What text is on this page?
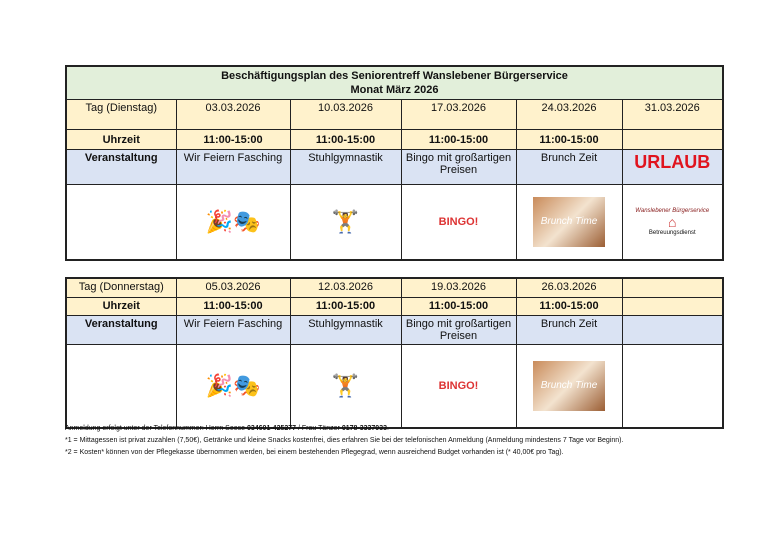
Beschäftigungsplan des Seniorentreff Wanslebener Bürgerservice
Monat März 2026					

Tag (Dienstag)	03.03.2026	10.03.2026	17.03.2026	24.03.2026	31.03.2026
Uhrzeit	11:00-15:00	11:00-15:00	11:00-15:00	11:00-15:00	
Veranstaltung	Wir Feiern Fasching	Stuhlgymnastik	Bingo mit großartigen Preisen	Brunch Zeit	URLAUB
	🎉🎭	🏋️	BINGO!	Brunch Time	Wanslebener Bürgerservice
⌂
Betreuungsdienst
Tag (Donnerstag)	05.03.2026	12.03.2026	19.03.2026	26.03.2026	
Uhrzeit	11:00-15:00	11:00-15:00	11:00-15:00	11:00-15:00	
Veranstaltung	Wir Feiern Fasching	Stuhlgymnastik	Bingo mit großartigen Preisen	Brunch Zeit	
	🎉🎭	🏋️	BINGO!	Brunch Time	
Anmeldung erfolgt unter der Telefonnummer: Herrn Seese 034601-425277 / Frau Tänzer 0178-3337033.
*1 = Mittagessen ist privat zuzahlen (7,50€), Getränke und kleine Snacks kostenfrei, dies erfahren Sie bei der telefonischen Anmeldung (Anmeldung mindestens 7 Tage vor Beginn).
*2 = Kosten* können von der Pflegekasse übernommen werden, bei einem bestehenden Pflegegrad, wenn ausreichend Budget vorhanden ist (* 40,00€ pro Tag).
